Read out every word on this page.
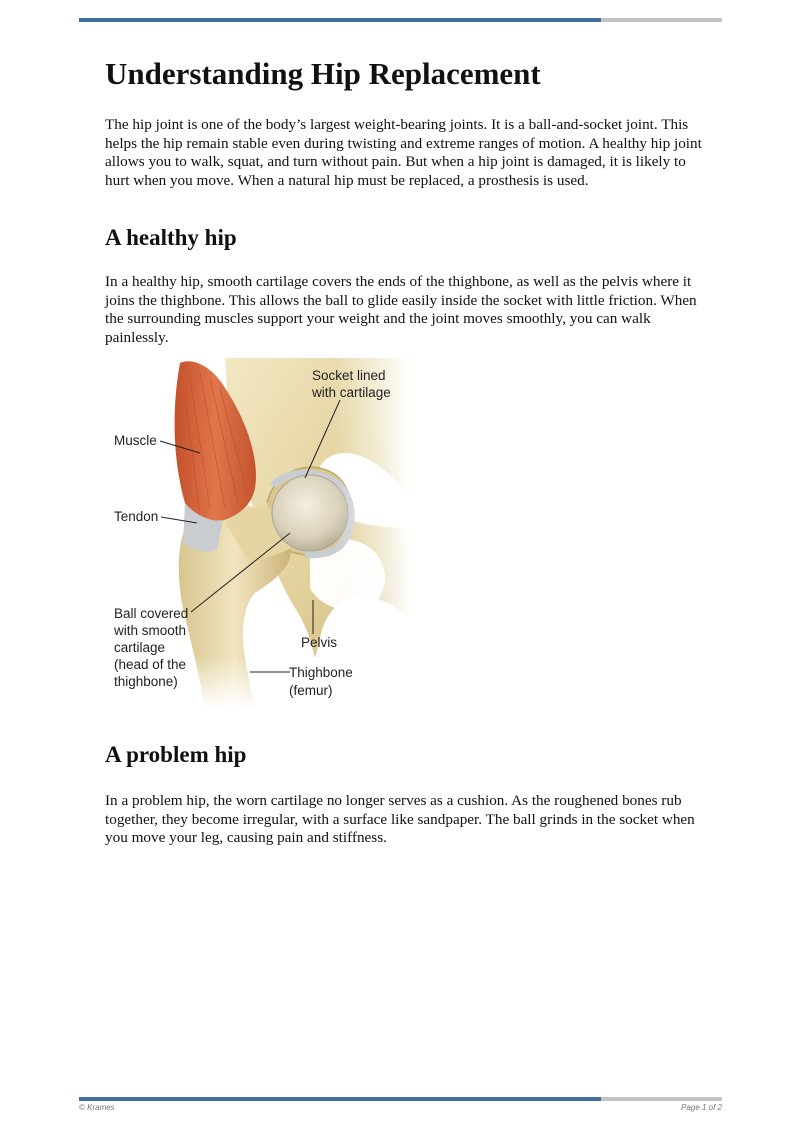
Understanding Hip Replacement

The hip joint is one of the body’s largest weight-bearing joints. It is a ball-and-socket joint. This helps the hip remain stable even during twisting and extreme ranges of motion. A healthy hip joint allows you to walk, squat, and turn without pain. But when a hip joint is damaged, it is likely to hurt when you move. When a natural hip must be replaced, a prosthesis is used.

A healthy hip

In a healthy hip, smooth cartilage covers the ends of the thighbone, as well as the pelvis where it joins the thighbone. This allows the ball to glide easily inside the socket with little friction. When the surrounding muscles support your weight and the joint moves smoothly, you can walk painlessly.

Socket lined
with cartilage
Muscle
Tendon
Ball covered
with smooth
cartilage
(head of the
thighbone)
Pelvis
Thighbone
(femur)
A problem hip

In a problem hip, the worn cartilage no longer serves as a cushion. As the roughened bones rub together, they become irregular, with a surface like sandpaper. The ball grinds in the socket when you move your leg, causing pain and stiffness.

© Krames	Page 1 of 2
